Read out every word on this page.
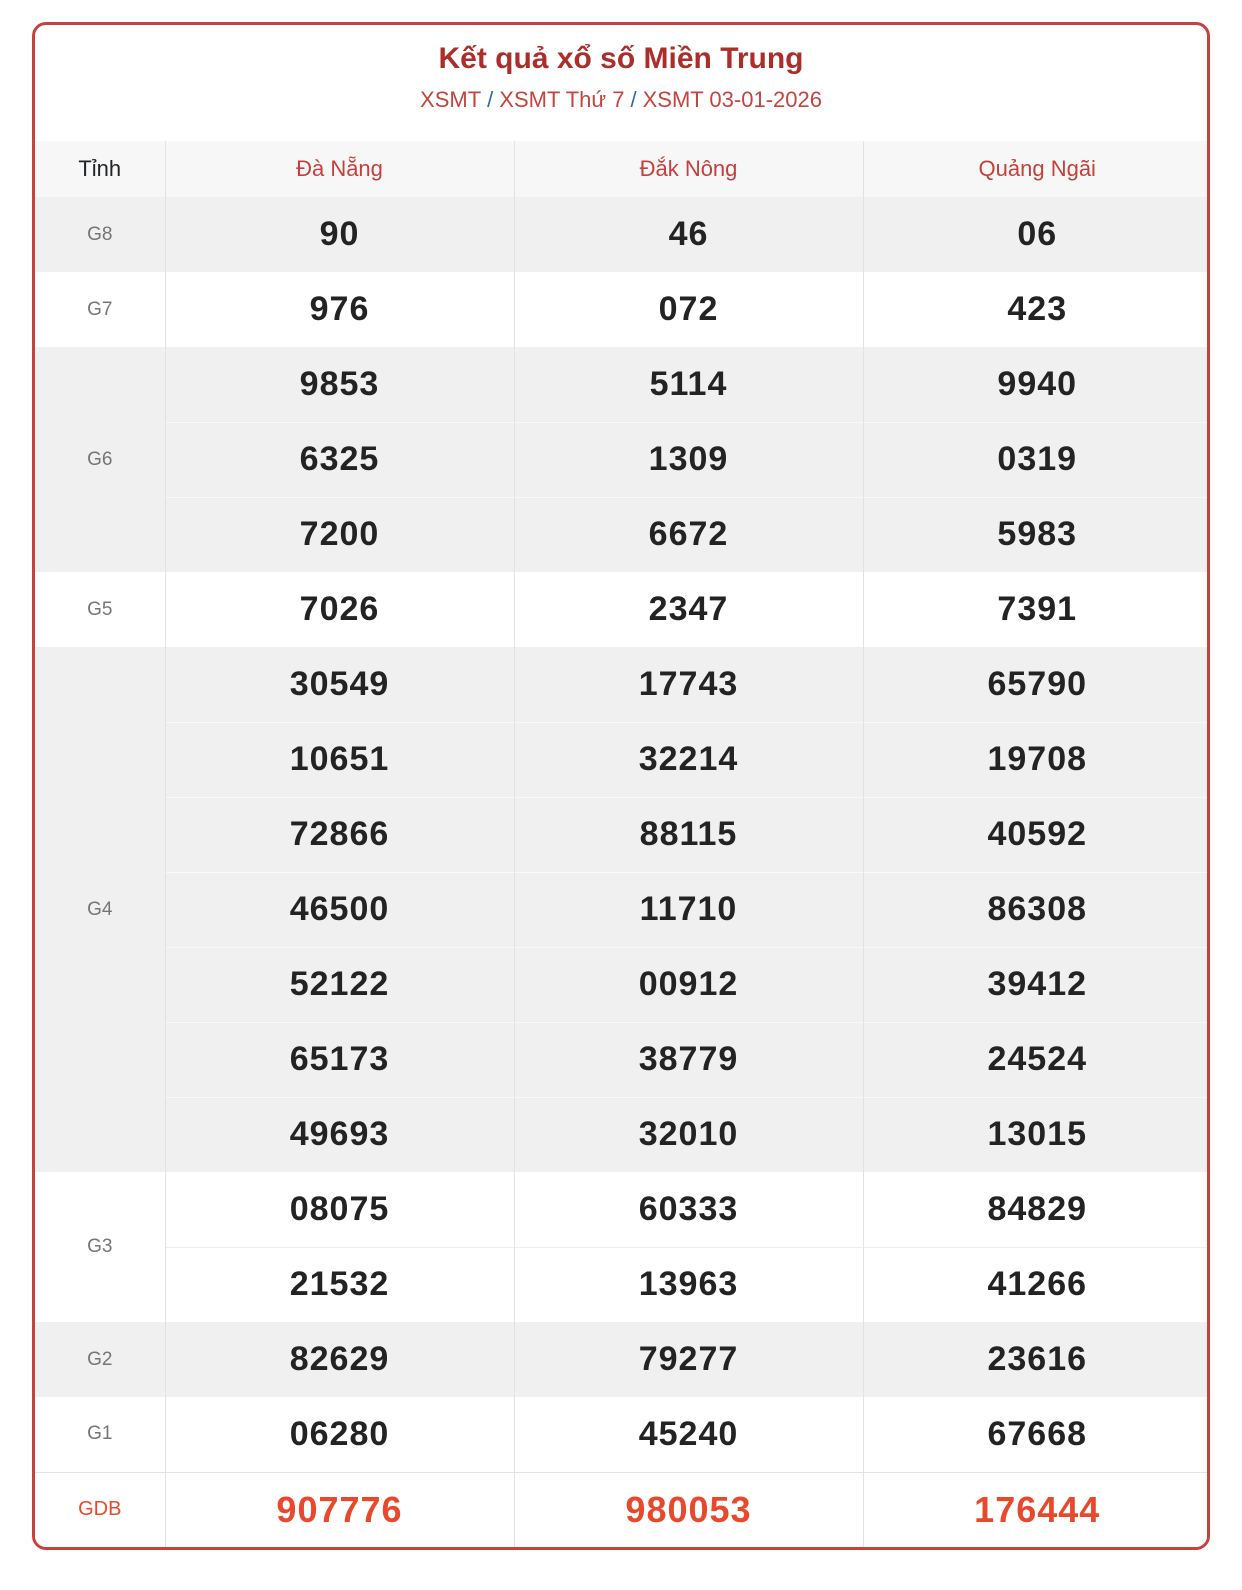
Kết quả xổ số Miền Trung
XSMT / XSMT Thứ 7 / XSMT 03-01-2026
Tỉnh	Đà Nẵng	Đắk Nông	Quảng Ngãi
G8	90	46	06
G7	976	072	423
G6	9853	5114	9940
	6325	1309	0319
	7200	6672	5983
G5	7026	2347	7391
G4	30549	17743	65790
	10651	32214	19708
	72866	88115	40592
	46500	11710	86308
	52122	00912	39412
	65173	38779	24524
	49693	32010	13015
G3	08075	60333	84829
	21532	13963	41266
G2	82629	79277	23616
G1	06280	45240	67668
GDB	907776	980053	176444
